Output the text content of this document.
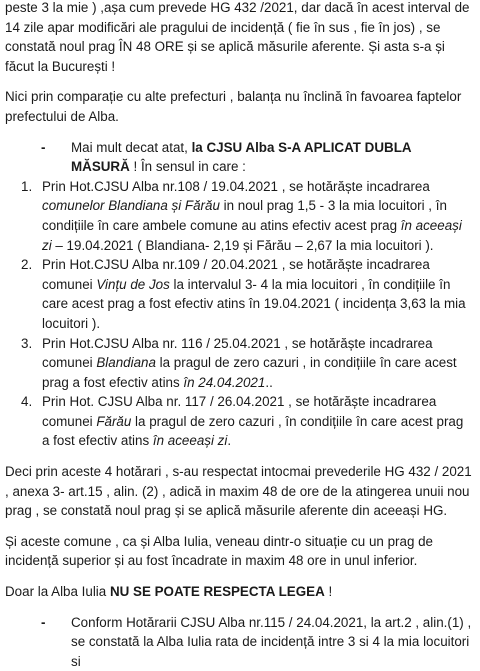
peste 3 la mie ) ,așa cum prevede HG 432 /2021, dar dacă în acest interval de 14 zile apar modificări ale pragului de incidență ( fie în sus , fie în jos) , se constată noul prag ÎN 48 ORE și se aplică măsurile aferente. Și asta s-a și făcut la București !

Nici prin comparație cu alte prefecturi , balanța nu înclină în favoarea faptelor prefectului de Alba.

-	Mai mult decat atat, la CJSU Alba S-A APLICAT DUBLA MĂSURĂ ! În sensul in care :

1. Prin Hot.CJSU Alba nr.108 / 19.04.2021 , se hotărăște incadrarea comunelor Blandiana și Fărău in noul prag 1,5 - 3 la mia locuitori , în condițiile în care ambele comune au atins efectiv acest prag în aceeași zi – 19.04.2021 ( Blandiana- 2,19 și Fărău – 2,67 la mia locuitori ).
2. Prin Hot.CJSU Alba nr.109 / 20.04.2021 , se hotărăște incadrarea comunei Vințu de Jos la intervalul 3- 4 la mia locuitori , în condițiile în care acest prag a fost efectiv atins în 19.04.2021 ( incidența 3,63 la mia locuitori ).
3. Prin Hot.CJSU Alba nr. 116 / 25.04.2021 , se hotărăște incadrarea comunei Blandiana la pragul de zero cazuri , in condițiile în care acest prag a fost efectiv atins în 24.04.2021..
4. Prin Hot. CJSU Alba nr. 117 / 26.04.2021 , se hotărăște incadrarea comunei Fărău la pragul de zero cazuri , în condițiile în care acest prag a fost efectiv atins în aceeași zi.

Deci prin aceste 4 hotărari , s-au respectat intocmai prevederile HG 432 / 2021 , anexa 3- art.15 , alin. (2) , adică in maxim 48 de ore de la atingerea unuii nou prag , se constată noul prag și se aplică măsurile aferente din aceeași HG.

Și aceste comune , ca și Alba Iulia, veneau dintr-o situație cu un prag de incidență superior și au fost încadrate in maxim 48 ore in unul inferior.

Doar la Alba Iulia NU SE POATE RESPECTA LEGEA !

-	Conform Hotărarii CJSU Alba nr.115 / 24.04.2021, la art.2 , alin.(1) , se constată la Alba Iulia rata de incidență intre 3 si 4 la mia locuitori si
